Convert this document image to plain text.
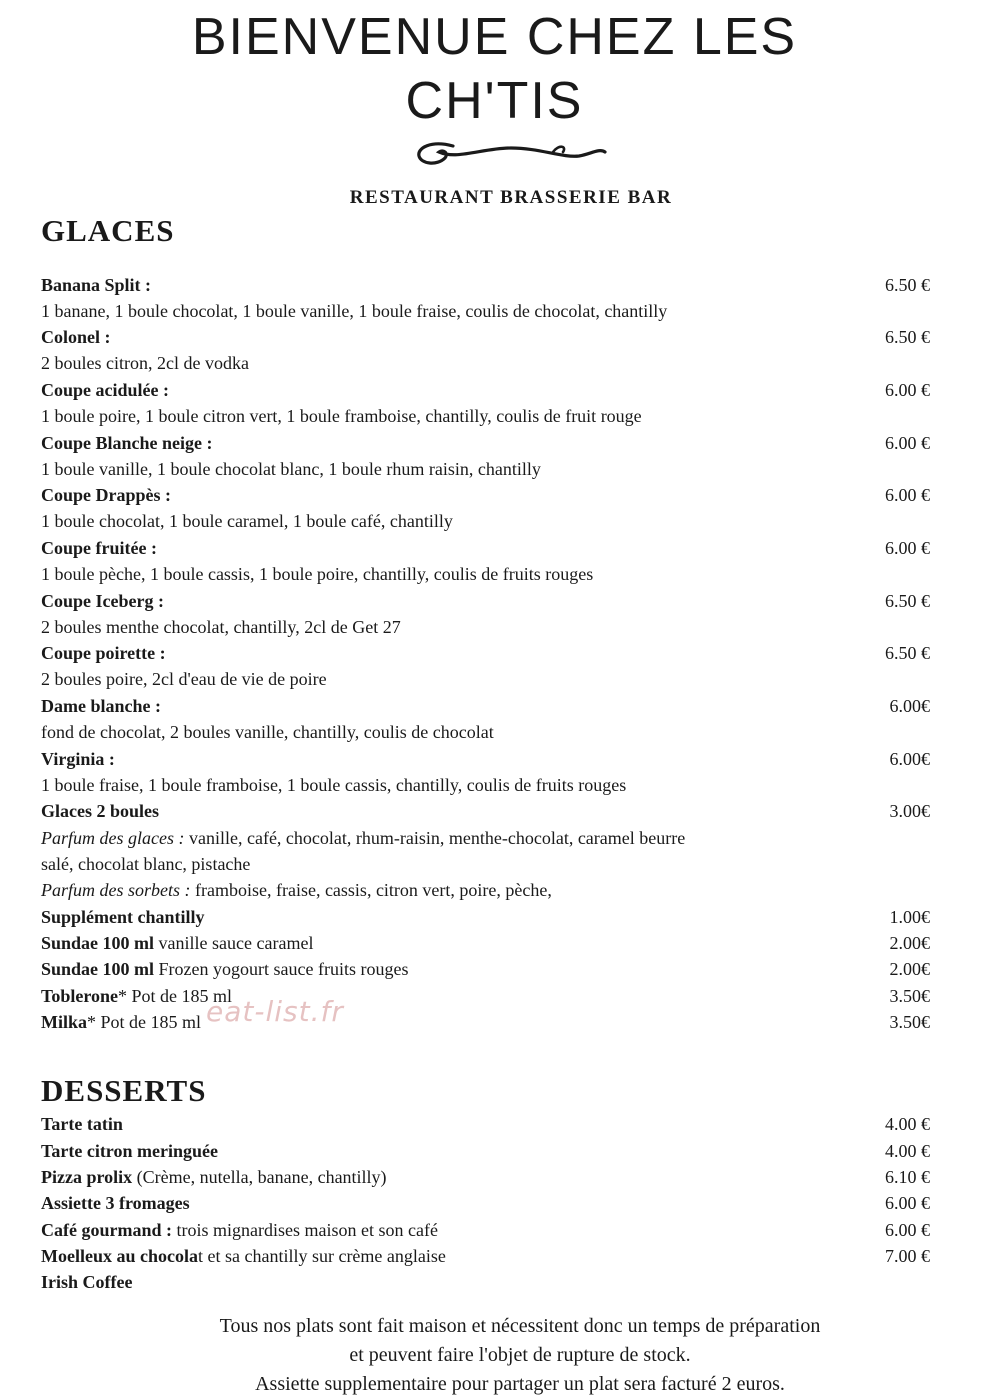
BIENVENUE CHEZ LES
CH'TIS
RESTAURANT BRASSERIE BAR
GLACES
Banana Split :	6.50 €
1 banane, 1 boule chocolat, 1 boule vanille, 1 boule fraise, coulis de chocolat, chantilly
Colonel :	6.50 €
2 boules citron, 2cl de vodka
Coupe acidulée :	6.00 €
1 boule poire, 1 boule citron vert, 1 boule framboise, chantilly, coulis de fruit rouge
Coupe Blanche neige :	6.00 €
1 boule vanille, 1 boule chocolat blanc, 1 boule rhum raisin, chantilly
Coupe Drappès :	6.00 €
1 boule chocolat, 1 boule caramel, 1 boule café, chantilly
Coupe fruitée :	6.00 €
1 boule pèche, 1 boule cassis, 1 boule poire, chantilly, coulis de fruits rouges
Coupe Iceberg :	6.50 €
2 boules menthe chocolat, chantilly, 2cl de Get 27
Coupe poirette :	6.50 €
2 boules poire, 2cl d'eau de vie de poire
Dame blanche :	6.00€
fond de chocolat, 2 boules vanille, chantilly, coulis de chocolat
Virginia :	6.00€
1 boule fraise, 1 boule framboise, 1 boule cassis, chantilly, coulis de fruits rouges
Glaces 2 boules	3.00€
Parfum des glaces : vanille, café, chocolat, rhum-raisin, menthe-chocolat, caramel beurre
salé, chocolat blanc, pistache
Parfum des sorbets : framboise, fraise, cassis, citron vert, poire, pèche,
Supplément chantilly	1.00€
Sundae 100 ml vanille sauce caramel	2.00€
Sundae 100 ml Frozen yogourt sauce fruits rouges	2.00€
Toblerone* Pot de 185 ml	3.50€
Milka* Pot de 185 ml	3.50€
eat-list.fr
DESSERTS
Tarte tatin	4.00 €
Tarte citron meringuée	4.00 €
Pizza prolix (Crème, nutella, banane, chantilly)	6.10 €
Assiette 3 fromages	6.00 €
Café gourmand : trois mignardises maison et son café	6.00 €
Moelleux au chocolat et sa chantilly sur crème anglaise	7.00 €
Irish Coffee
Tous nos plats sont fait maison et nécessitent donc un temps de préparation
et peuvent faire l'objet de rupture de stock.
Assiette supplementaire pour partager un plat sera facturé 2 euros.
